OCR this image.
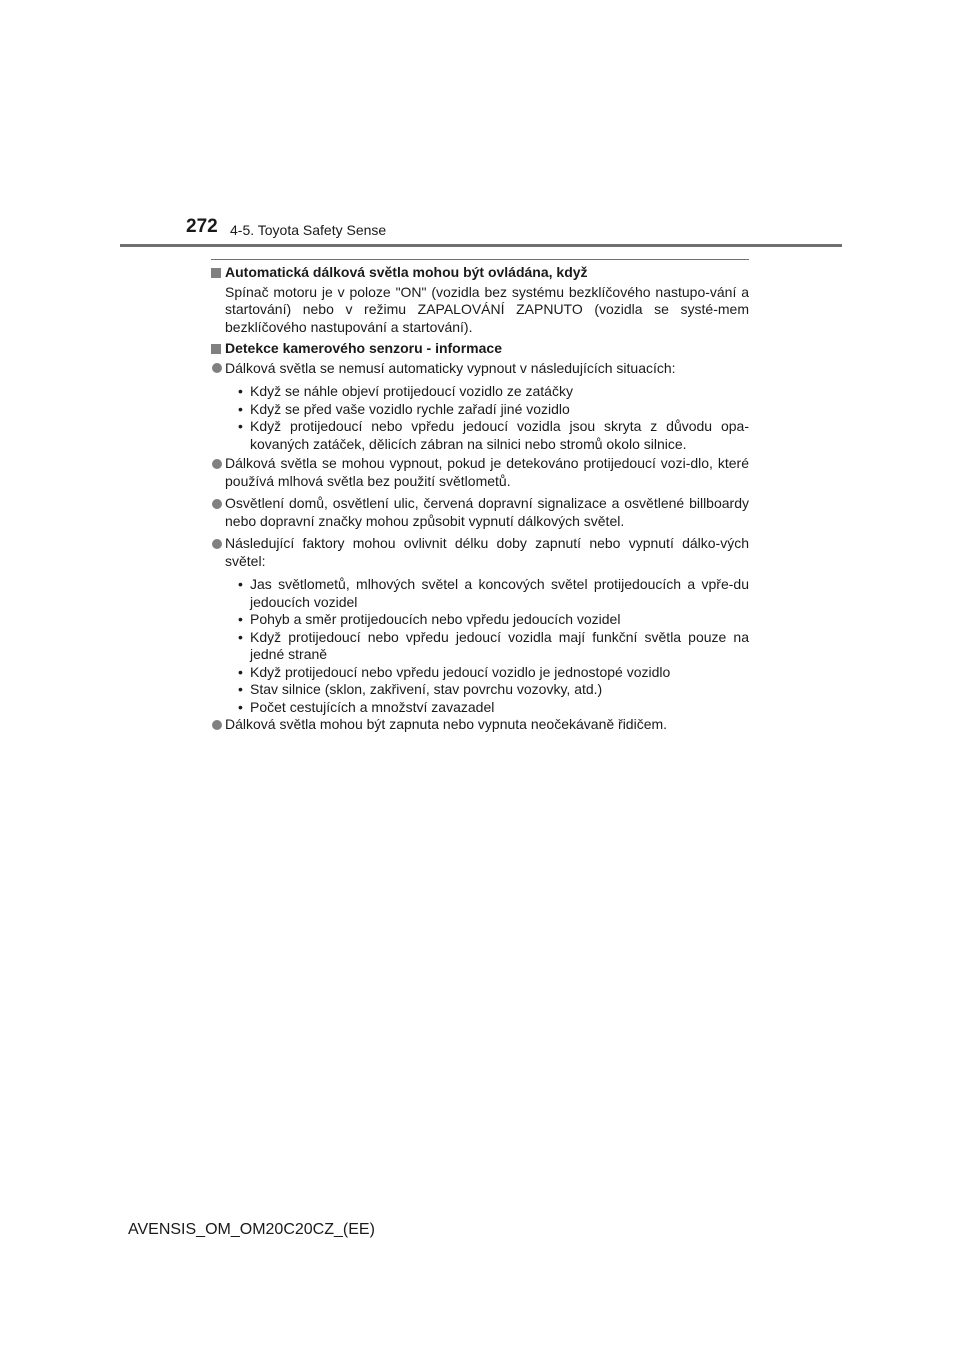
272 4-5. Toyota Safety Sense
Automatická dálková světla mohou být ovládána, když

Spínač motoru je v poloze "ON" (vozidla bez systému bezklíčového nastupo-vání a startování) nebo v režimu ZAPALOVÁNÍ ZAPNUTO (vozidla se systé-mem bezklíčového nastupování a startování).

Detekce kamerového senzoru - informace
Dálková světla se nemusí automaticky vypnout v následujících situacích:
• Když se náhle objeví protijedoucí vozidlo ze zatáčky
• Když se před vaše vozidlo rychle zařadí jiné vozidlo
• Když protijedoucí nebo vpředu jedoucí vozidla jsou skryta z důvodu opa-kovaných zatáček, dělicích zábran na silnici nebo stromů okolo silnice.
Dálková světla se mohou vypnout, pokud je detekováno protijedoucí vozi-dlo, které používá mlhová světla bez použití světlometů.
Osvětlení domů, osvětlení ulic, červená dopravní signalizace a osvětlené billboardy nebo dopravní značky mohou způsobit vypnutí dálkových světel.
Následující faktory mohou ovlivnit délku doby zapnutí nebo vypnutí dálko-vých světel:
• Jas světlometů, mlhových světel a koncových světel protijedoucích a vpře-du jedoucích vozidel
• Pohyb a směr protijedoucích nebo vpředu jedoucích vozidel
• Když protijedoucí nebo vpředu jedoucí vozidla mají funkční světla pouze na jedné straně
• Když protijedoucí nebo vpředu jedoucí vozidlo je jednostopé vozidlo
• Stav silnice (sklon, zakřivení, stav povrchu vozovky, atd.)
• Počet cestujících a množství zavazadel
Dálková světla mohou být zapnuta nebo vypnuta neočekávaně řidičem.
AVENSIS_OM_OM20C20CZ_(EE)
